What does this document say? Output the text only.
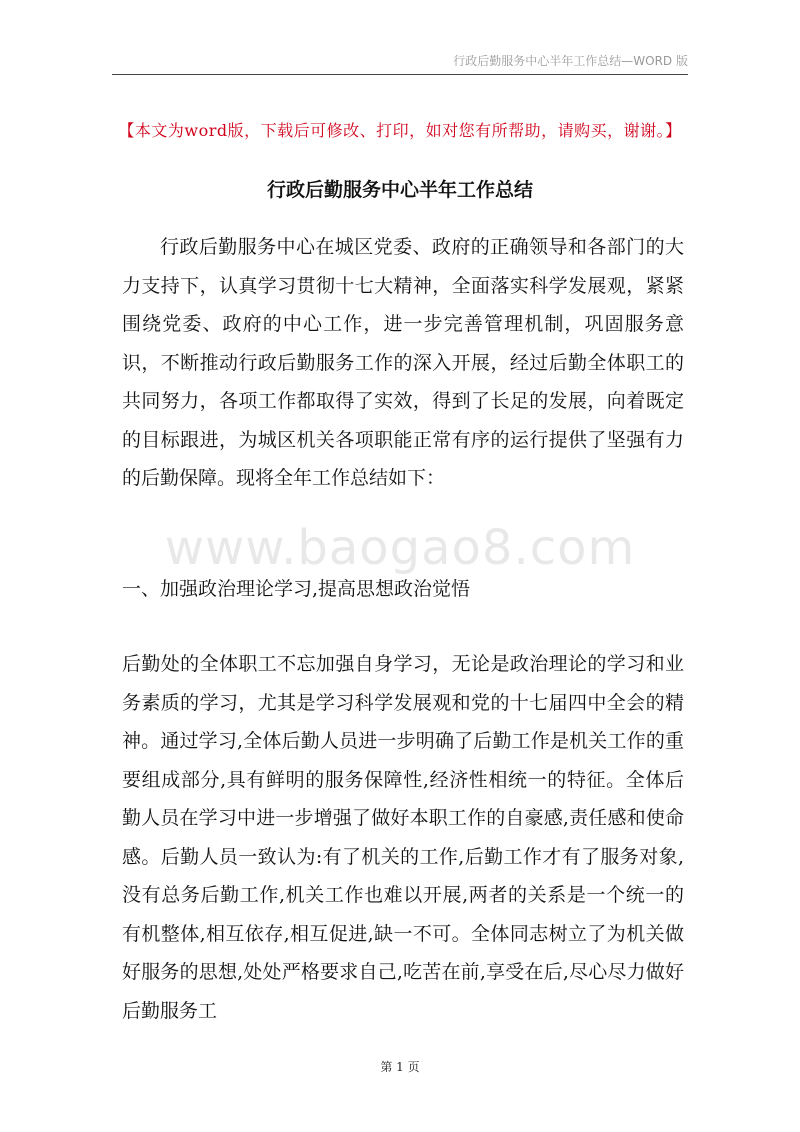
行政后勤服务中心半年工作总结—WORD 版
【本文为word版，下载后可修改、打印，如对您有所帮助，请购买，谢谢。】
行政后勤服务中心半年工作总结
行政后勤服务中心在城区党委、政府的正确领导和各部门的大力支持下，认真学习贯彻十七大精神，全面落实科学发展观，紧紧围绕党委、政府的中心工作，进一步完善管理机制，巩固服务意识，不断推动行政后勤服务工作的深入开展，经过后勤全体职工的共同努力，各项工作都取得了实效，得到了长足的发展，向着既定的目标跟进，为城区机关各项职能正常有序的运行提供了坚强有力的后勤保障。现将全年工作总结如下：
www.baogao8.com
一、加强政治理论学习,提高思想政治觉悟
后勤处的全体职工不忘加强自身学习，无论是政治理论的学习和业务素质的学习，尤其是学习科学发展观和党的十七届四中全会的精神。通过学习,全体后勤人员进一步明确了后勤工作是机关工作的重要组成部分,具有鲜明的服务保障性,经济性相统一的特征。全体后勤人员在学习中进一步增强了做好本职工作的自豪感,责任感和使命感。后勤人员一致认为:有了机关的工作,后勤工作才有了服务对象,没有总务后勤工作,机关工作也难以开展,两者的关系是一个统一的有机整体,相互依存,相互促进,缺一不可。全体同志树立了为机关做好服务的思想,处处严格要求自己,吃苦在前,享受在后,尽心尽力做好后勤服务工
第 1 页
